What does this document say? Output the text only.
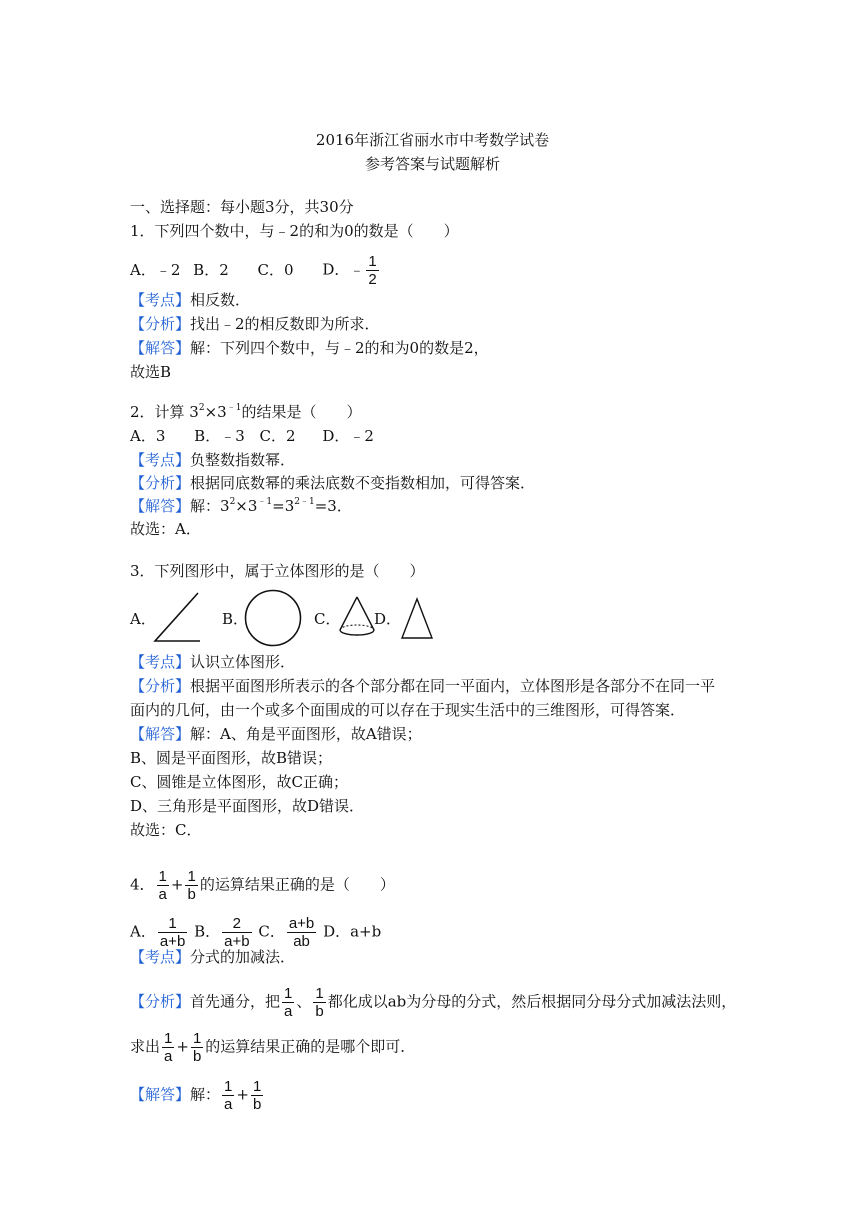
2016年浙江省丽水市中考数学试卷
参考答案与试题解析
一、选择题：每小题3分，共30分
1．下列四个数中，与﹣2的和为0的数是（　　）
A．﹣2 B．2 C．0 D．﹣ $\frac{1}{2}$
【考点】相反数．
【分析】找出﹣2的相反数即为所求．
【解答】解：下列四个数中，与﹣2的和为0的数是2，
故选B
2．计算 $3^2\times 3^{﹣1}$的结果是（　　）
A．3 B．﹣3 C．2 D．﹣2
【考点】负整数指数幂．
【分析】根据同底数幂的乘法底数不变指数相加，可得答案．
【解答】解：$3^2\times 3^{﹣1}=3^{2﹣1}=3$．
故选：A．
3．下列图形中，属于立体图形的是（　　）
A．	B．	C． D．
【考点】认识立体图形．
【分析】根据平面图形所表示的各个部分都在同一平面内，立体图形是各部分不在同一平
面内的几何，由一个或多个面围成的可以存在于现实生活中的三维图形，可得答案．
【解答】解：A、角是平面图形，故A错误；
B、圆是平面图形，故B错误；
C、圆锥是立体图形，故C正确；
D、三角形是平面图形，故D错误．
故选：C．
4． $\frac{1}{a} + \frac{1}{b}$ 的运算结果正确的是（　　）
A． $\frac{1}{a+b}$ B． $\frac{2}{a+b}$ C． $\frac{a+b}{ab}$ D．a+b
【考点】分式的加减法．
【分析】首先通分，把 $\frac{1}{a}$ 、 $\frac{1}{b}$ 都化成以ab为分母的分式，然后根据同分母分式加减法法则，
求出 $\frac{1}{a} + \frac{1}{b}$ 的运算结果正确的是哪个即可．
【解答】解： $\frac{1}{a} + \frac{1}{b}$
